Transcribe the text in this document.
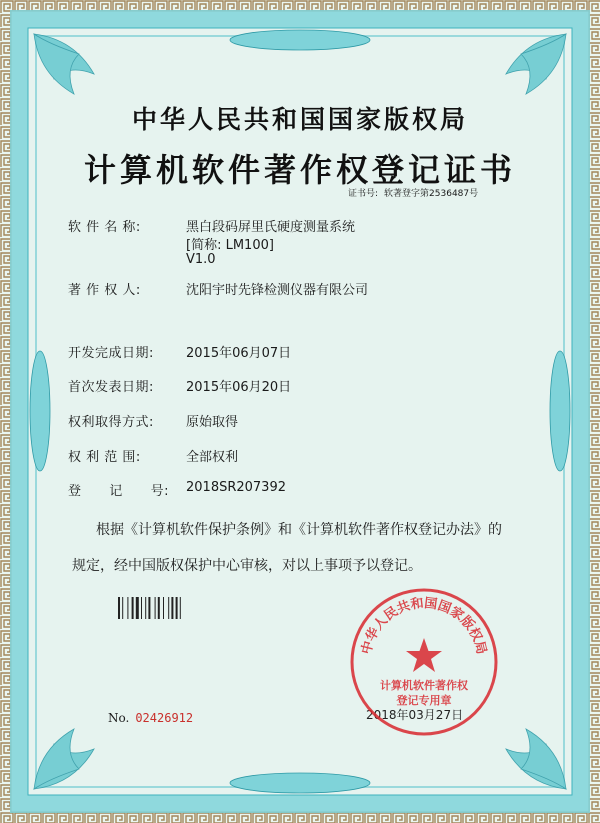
中华人民共和国国家版权局
计算机软件著作权登记证书
证书号: 软著登字第2536487号
软 件 名 称:	黑白段码屏里氏硬度测量系统
[简称: LM100]
V1.0
著 作 权 人:	沈阳宇时先锋检测仪器有限公司
开发完成日期:	2015年06月07日
首次发表日期:	2015年06月20日
权利取得方式:	原始取得
权 利 范 围:	全部权利
登      记      号:	2018SR207392
根据《计算机软件保护条例》和《计算机软件著作权登记办法》的
规定，经中国版权保护中心审核，对以上事项予以登记。
No. 02426912	2018年03月27日
中华人民共和国国家版权局
计算机软件著作权
登记专用章
